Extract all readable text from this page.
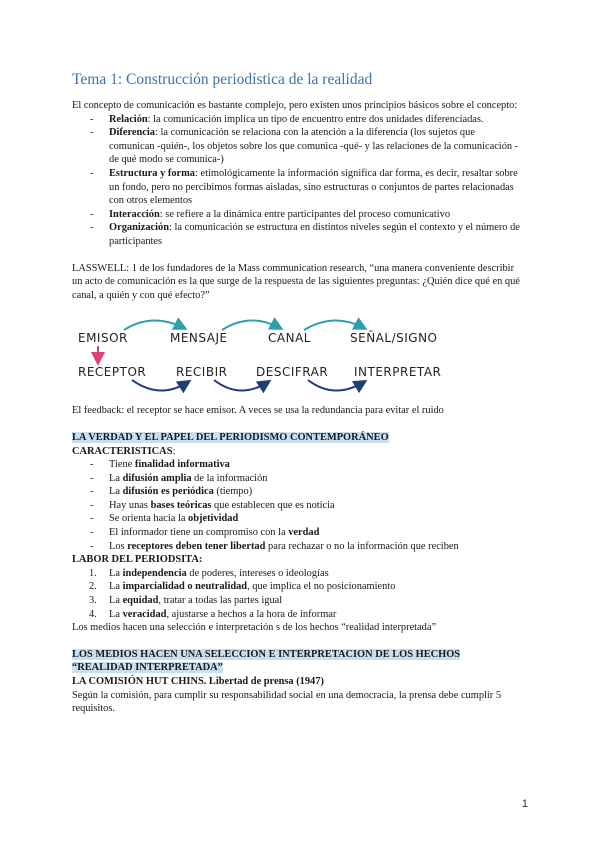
Tema 1: Construcción periodística de la realidad

El concepto de comunicación es bastante complejo, pero existen unos principios básicos sobre el concepto:

- Relación: la comunicación implica un tipo de encuentro entre dos unidades diferenciadas.
- Diferencia: la comunicación se relaciona con la atención a la diferencia (los sujetos que comunican -quién-, los objetos sobre los que comunica -qué- y las relaciones de la comunicación -de qué modo se comunica-)
- Estructura y forma: etimológicamente la información significa dar forma, es decir, resaltar sobre un fondo, pero no percibimos formas aisladas, sino estructuras o conjuntos de partes relacionadas con otros elementos
- Interacción: se refiere a la dinámica entre participantes del proceso comunicativo
- Organización: la comunicación se estructura en distintos niveles según el contexto y el número de participantes

LASSWELL: 1 de los fundadores de la Mass communication research, “una manera conveniente describir un acto de comunicación es la que surge de la respuesta de las siguientes preguntas: ¿Quién dice qué en qué canal, a quién y con qué efecto?”

EMISOR	MENSAJE	CANAL	SEÑAL/SIGNO
RECEPTOR RECIBIR DESCIFRAR INTERPRETAR

El feedback: el receptor se hace emisor. A veces se usa la redundancia para evitar el ruido

LA VERDAD Y EL PAPEL DEL PERIODISMO CONTEMPORÁNEO

CARACTERISTICAS:

- Tiene finalidad informativa
- La difusión amplia de la información
- La difusión es periódica (tiempo)
- Hay unas bases teóricas que establecen que es noticia
- Se orienta hacia la objetividad
- El informador tiene un compromiso con la verdad
- Los receptores deben tener libertad para rechazar o no la información que reciben

LABOR DEL PERIODSITA:

1. La independencia de poderes, intereses o ideologías
2. La imparcialidad o neutralidad, que implica el no posicionamiento
3. La equidad, tratar a todas las partes igual
4. La veracidad, ajustarse a hechos a la hora de informar

Los medios hacen una selección e interpretación s de los hechos “realidad interpretada”

LOS MEDIOS HACEN UNA SELECCION E INTERPRETACION DE LOS HECHOS

“REALIDAD INTERPRETADA”

LA COMISIÓN HUT CHINS. Libertad de prensa (1947)

Según la comisión, para cumplir su responsabilidad social en una democracia, la prensa debe cumplir 5 requisitos.

1
